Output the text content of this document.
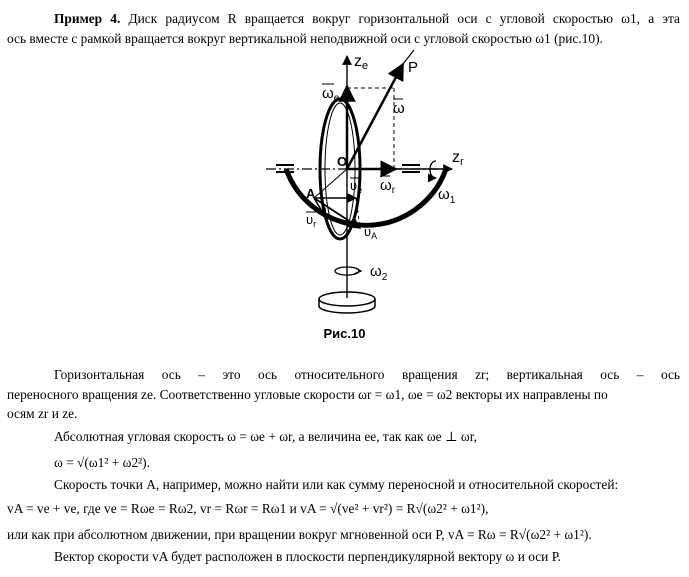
Пример 4. Диск радиусом R вращается вокруг горизонтальной оси с угловой скоростью ω1, а эта
ось вместе с рамкой вращается вокруг вертикальной неподвижной оси с угловой скоростью ω1 (рис.10).
ze	P
$\omega_e$
ω
O
$\upsilon_e$ $\omega_r$
zr
$\omega_1$
A
$\upsilon_r$	$\upsilon_A$
$\omega_2$
Рис.10
Горизонтальная ось – это ось относительного вращения zr; вертикальная ось – ось
переносного вращения ze. Соответственно угловые скорости ωr = ω1, ωe = ω2 векторы их направлены по
осям zr и ze.
Абсолютная угловая скорость ω = ωe + ωr, а величина ее, так как ωe ⊥ ωr,
ω = √(ω1² + ω2²).
Скорость точки A, например, можно найти или как сумму переносной и относительной скоростей:
vA = ve + ve, где ve = Rωe = Rω2, vr = Rωr = Rω1 и vA = √(ve² + vr²) = R√(ω2² + ω1²),
или как при абсолютном движении, при вращении вокруг мгновенной оси P, vA = Rω = R√(ω2² + ω1²).
Вектор скорости vA будет расположен в плоскости перпендикулярной вектору ω и оси P.
